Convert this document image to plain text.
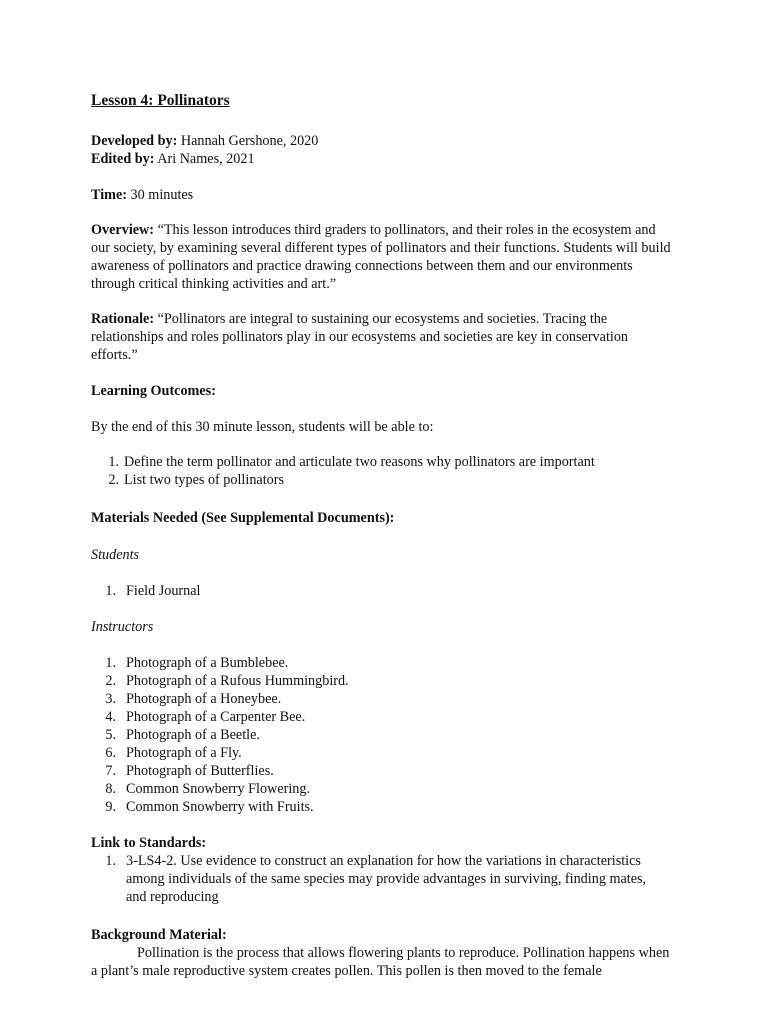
Lesson 4: Pollinators

Developed by: Hannah Gershone, 2020

Edited by: Ari Names, 2021

Time: 30 minutes

Overview: “This lesson introduces third graders to pollinators, and their roles in the ecosystem and our society, by examining several different types of pollinators and their functions. Students will build awareness of pollinators and practice drawing connections between them and our environments through critical thinking activities and art.”

Rationale: “Pollinators are integral to sustaining our ecosystems and societies. Tracing the relationships and roles pollinators play in our ecosystems and societies are key in conservation efforts.”

Learning Outcomes:

By the end of this 30 minute lesson, students will be able to:

1. Define the term pollinator and articulate two reasons why pollinators are important
2. List two types of pollinators

Materials Needed (See Supplemental Documents):

Students

1. Field Journal

Instructors

1. Photograph of a Bumblebee.
2. Photograph of a Rufous Hummingbird.
3. Photograph of a Honeybee.
4. Photograph of a Carpenter Bee.
5. Photograph of a Beetle.
6. Photograph of a Fly.
7. Photograph of Butterflies.
8. Common Snowberry Flowering.
9. Common Snowberry with Fruits.

Link to Standards:

1. 3-LS4-2. Use evidence to construct an explanation for how the variations in characteristics among individuals of the same species may provide advantages in surviving, finding mates, and reproducing

Background Material:

Pollination is the process that allows flowering plants to reproduce. Pollination happens when a plant’s male reproductive system creates pollen. This pollen is then moved to the female
